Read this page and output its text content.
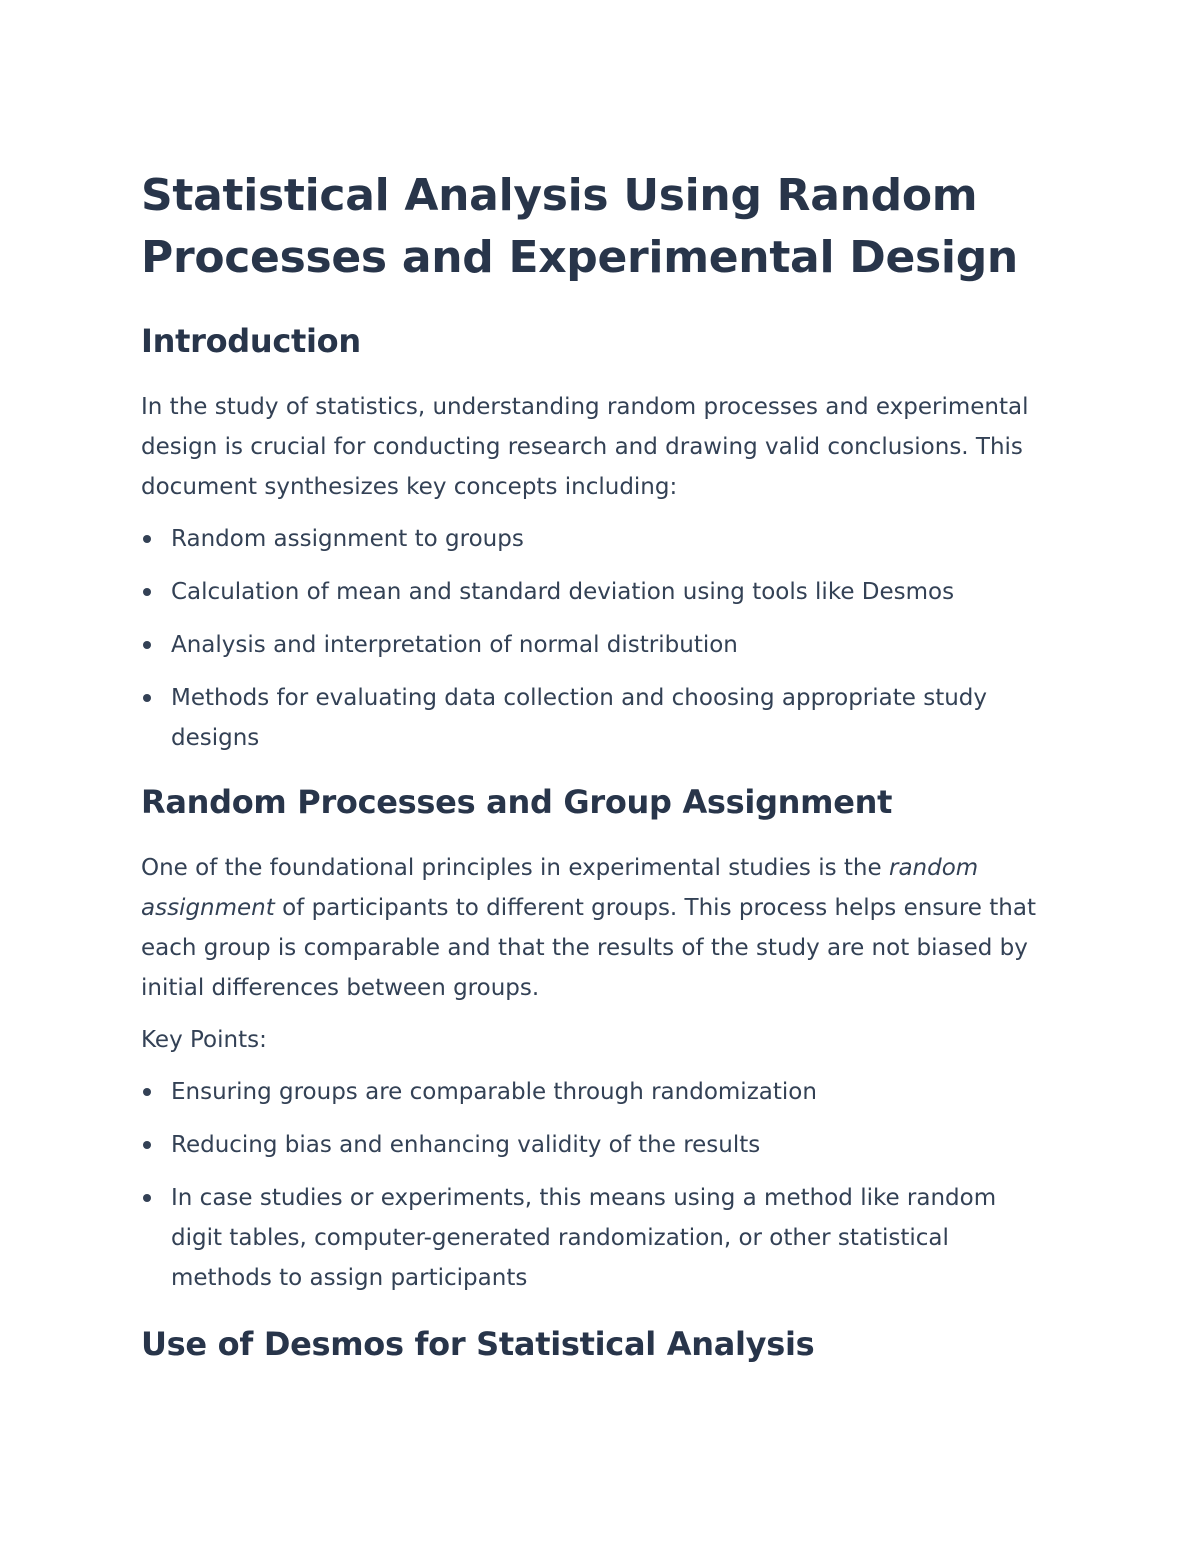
Statistical Analysis Using Random Processes and Experimental Design
Introduction

In the study of statistics, understanding random processes and experimental design is crucial for conducting research and drawing valid conclusions. This document synthesizes key concepts including:

Random assignment to groups
Calculation of mean and standard deviation using tools like Desmos
Analysis and interpretation of normal distribution
Methods for evaluating data collection and choosing appropriate study designs
Random Processes and Group Assignment

One of the foundational principles in experimental studies is the random assignment of participants to different groups. This process helps ensure that each group is comparable and that the results of the study are not biased by initial differences between groups.

Key Points:

Ensuring groups are comparable through randomization
Reducing bias and enhancing validity of the results
In case studies or experiments, this means using a method like random digit tables, computer-generated randomization, or other statistical methods to assign participants
Use of Desmos for Statistical Analysis
